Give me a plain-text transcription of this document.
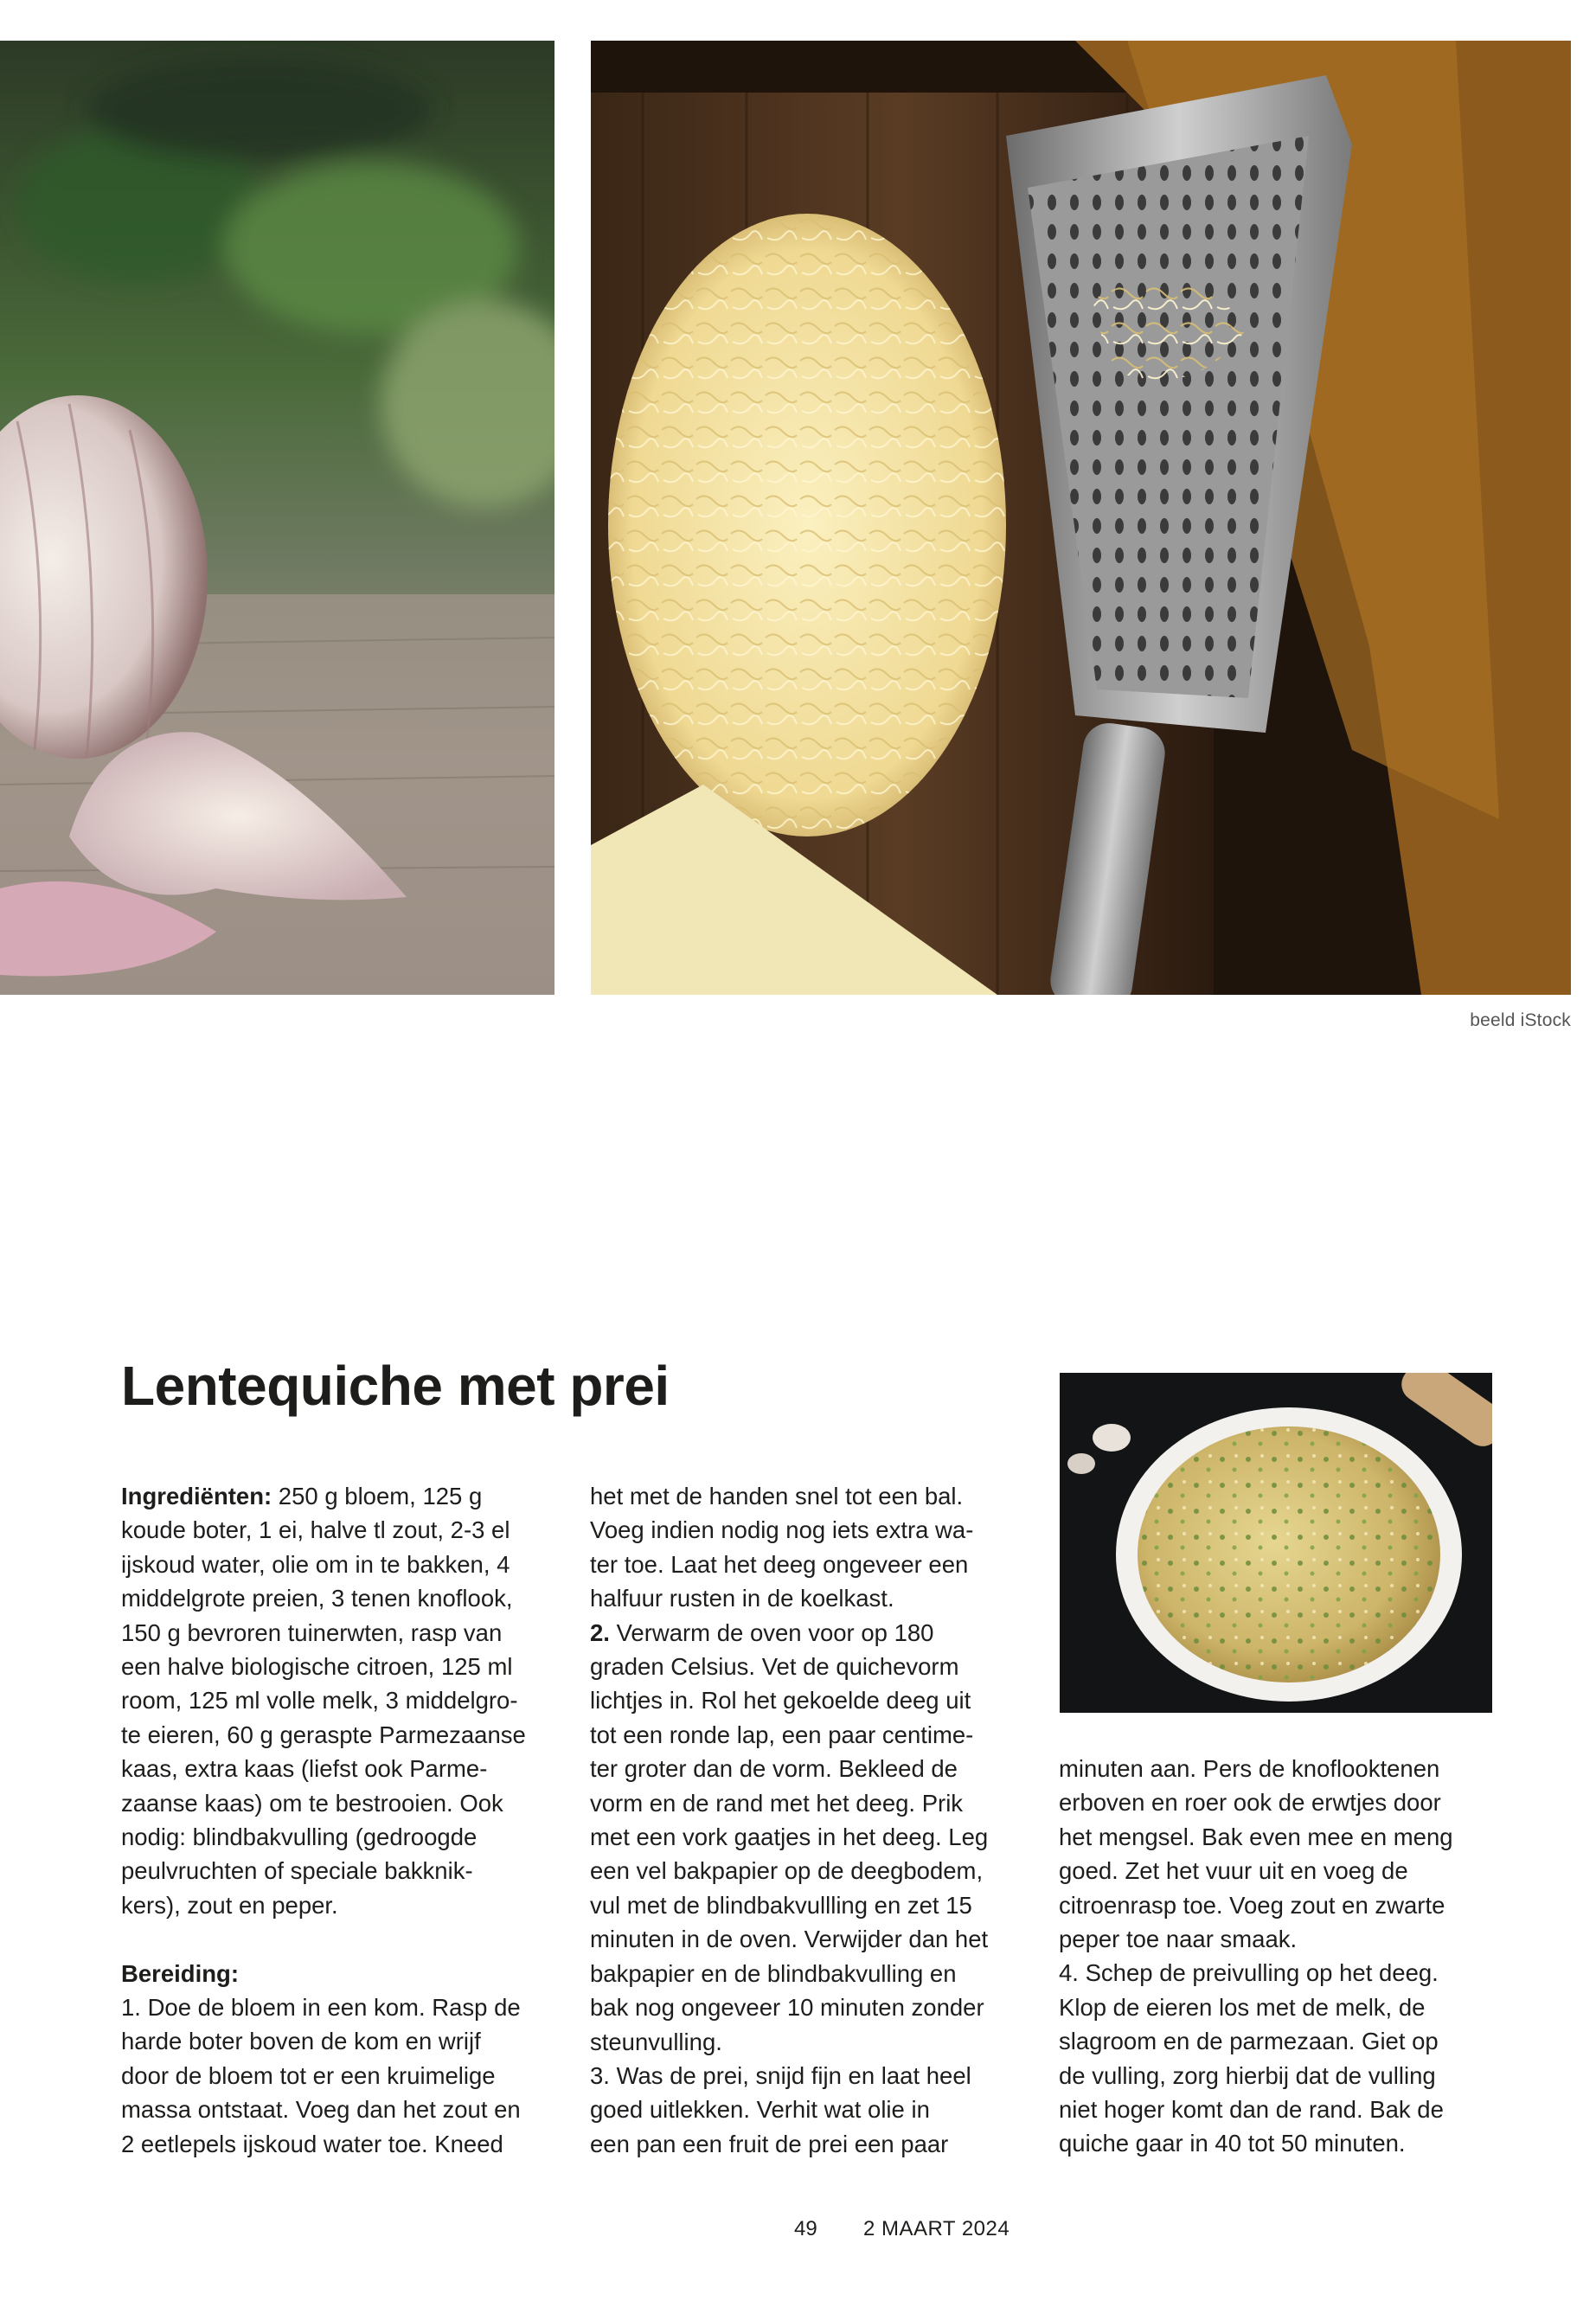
beeld iStock
Lentequiche met prei

Ingrediënten: 250 g bloem, 125 g
koude boter, 1 ei, halve tl zout, 2-3 el
ijskoud water, olie om in te bakken, 4
middelgrote preien, 3 tenen knoflook,
150 g bevroren tuinerwten, rasp van
een halve biologische citroen, 125 ml
room, 125 ml volle melk, 3 middelgro-
te eieren, 60 g geraspte Parmezaanse
kaas, extra kaas (liefst ook Parme-
zaanse kaas) om te bestrooien. Ook
nodig: blindbakvulling (gedroogde
peulvruchten of speciale bakknik-
kers), zout en peper.

Bereiding:
1. Doe de bloem in een kom. Rasp de
harde boter boven de kom en wrijf
door de bloem tot er een kruimelige
massa ontstaat. Voeg dan het zout en
2 eetlepels ijskoud water toe. Kneed

het met de handen snel tot een bal.
Voeg indien nodig nog iets extra wa-
ter toe. Laat het deeg ongeveer een
halfuur rusten in de koelkast.
2. Verwarm de oven voor op 180
graden Celsius. Vet de quichevorm
lichtjes in. Rol het gekoelde deeg uit
tot een ronde lap, een paar centime-
ter groter dan de vorm. Bekleed de
vorm en de rand met het deeg. Prik
met een vork gaatjes in het deeg. Leg
een vel bakpapier op de deegbodem,
vul met de blindbakvullling en zet 15
minuten in de oven. Verwijder dan het
bakpapier en de blindbakvulling en
bak nog ongeveer 10 minuten zonder
steunvulling.
3. Was de prei, snijd fijn en laat heel
goed uitlekken. Verhit wat olie in
een pan een fruit de prei een paar

minuten aan. Pers de knoflooktenen
erboven en roer ook de erwtjes door
het mengsel. Bak even mee en meng
goed. Zet het vuur uit en voeg de
citroenrasp toe. Voeg zout en zwarte
peper toe naar smaak.
4. Schep de preivulling op het deeg.
Klop de eieren los met de melk, de
slagroom en de parmezaan. Giet op
de vulling, zorg hierbij dat de vulling
niet hoger komt dan de rand. Bak de
quiche gaar in 40 tot 50 minuten.

49 2 MAART 2024
